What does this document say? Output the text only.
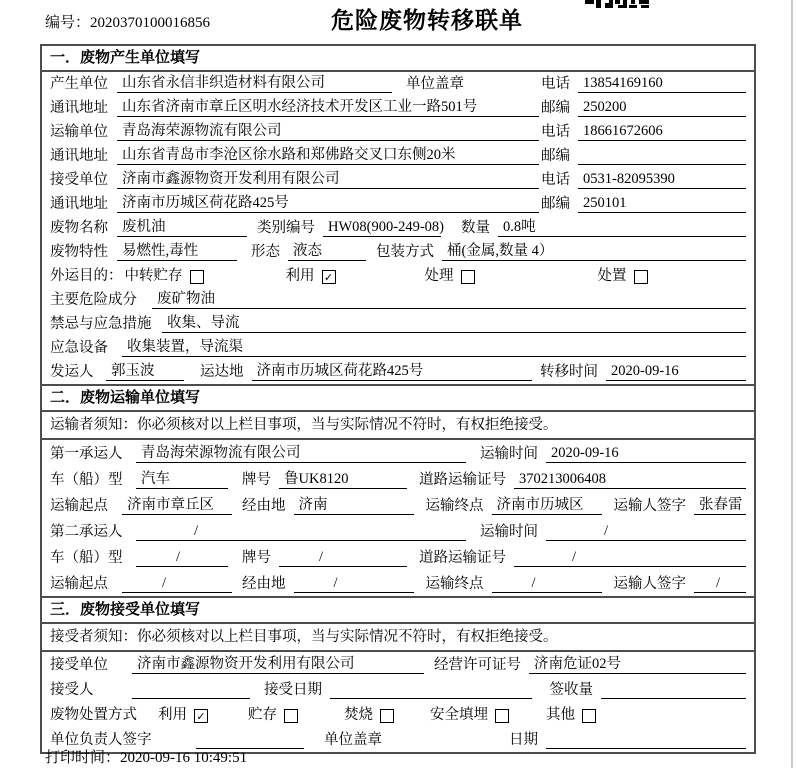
编号：2020370100016856	危险废物转移联单
一．废物产生单位填写
产生单位 山东省永信非织造材料有限公司	单位盖章	电话 13854169160
通讯地址 山东省济南市章丘区明水经济技术开发区工业一路501号	邮编 250200
运输单位 青岛海荣源物流有限公司	电话 18661672606
通讯地址 山东省青岛市李沧区徐水路和郑佛路交叉口东侧20米	邮编
接受单位 济南市鑫源物资开发利用有限公司	电话 0531-82095390
通讯地址 济南市历城区荷花路425号	邮编 250101
废物名称 废机油	类别编号 HW08(900-249-08) 数量 0.8吨
废物特性 易燃性,毒性	形态 液态	包装方式 桶(金属,数量 4）
外运目的： 中转贮存	利用 ✓	处理	处置
主要危险成分	废矿物油
禁忌与应急措施	收集、导流
应急设备	收集装置，导流渠
发运人	郭玉波	运达地 济南市历城区荷花路425号	转移时间 2020-09-16
二．废物运输单位填写
运输者须知：你必须核对以上栏目事项，当与实际情况不符时，有权拒绝接受。
第一承运人	青岛海荣源物流有限公司	运输时间 2020-09-16
车（船）型	汽车	牌号 鲁UK8120	道路运输证号 370213006408
运输起点	济南市章丘区	经由地 济南	运输终点 济南市历城区	运输人签字 张春雷
第二承运人	/	运输时间	/
车（船）型	/	牌号	/	道路运输证号	/
运输起点	/	经由地	/	运输终点	/	运输人签字	/
三．废物接受单位填写
接受者须知：你必须核对以上栏目事项，当与实际情况不符时，有权拒绝接受。
接受单位	济南市鑫源物资开发利用有限公司	经营许可证号 济南危证02号
接受人	接受日期	签收量
废物处置方式 利用 ✓	贮存	焚烧	安全填埋	其他
单位负责人签字	单位盖章	日期
打印时间：2020-09-16 10:49:51
